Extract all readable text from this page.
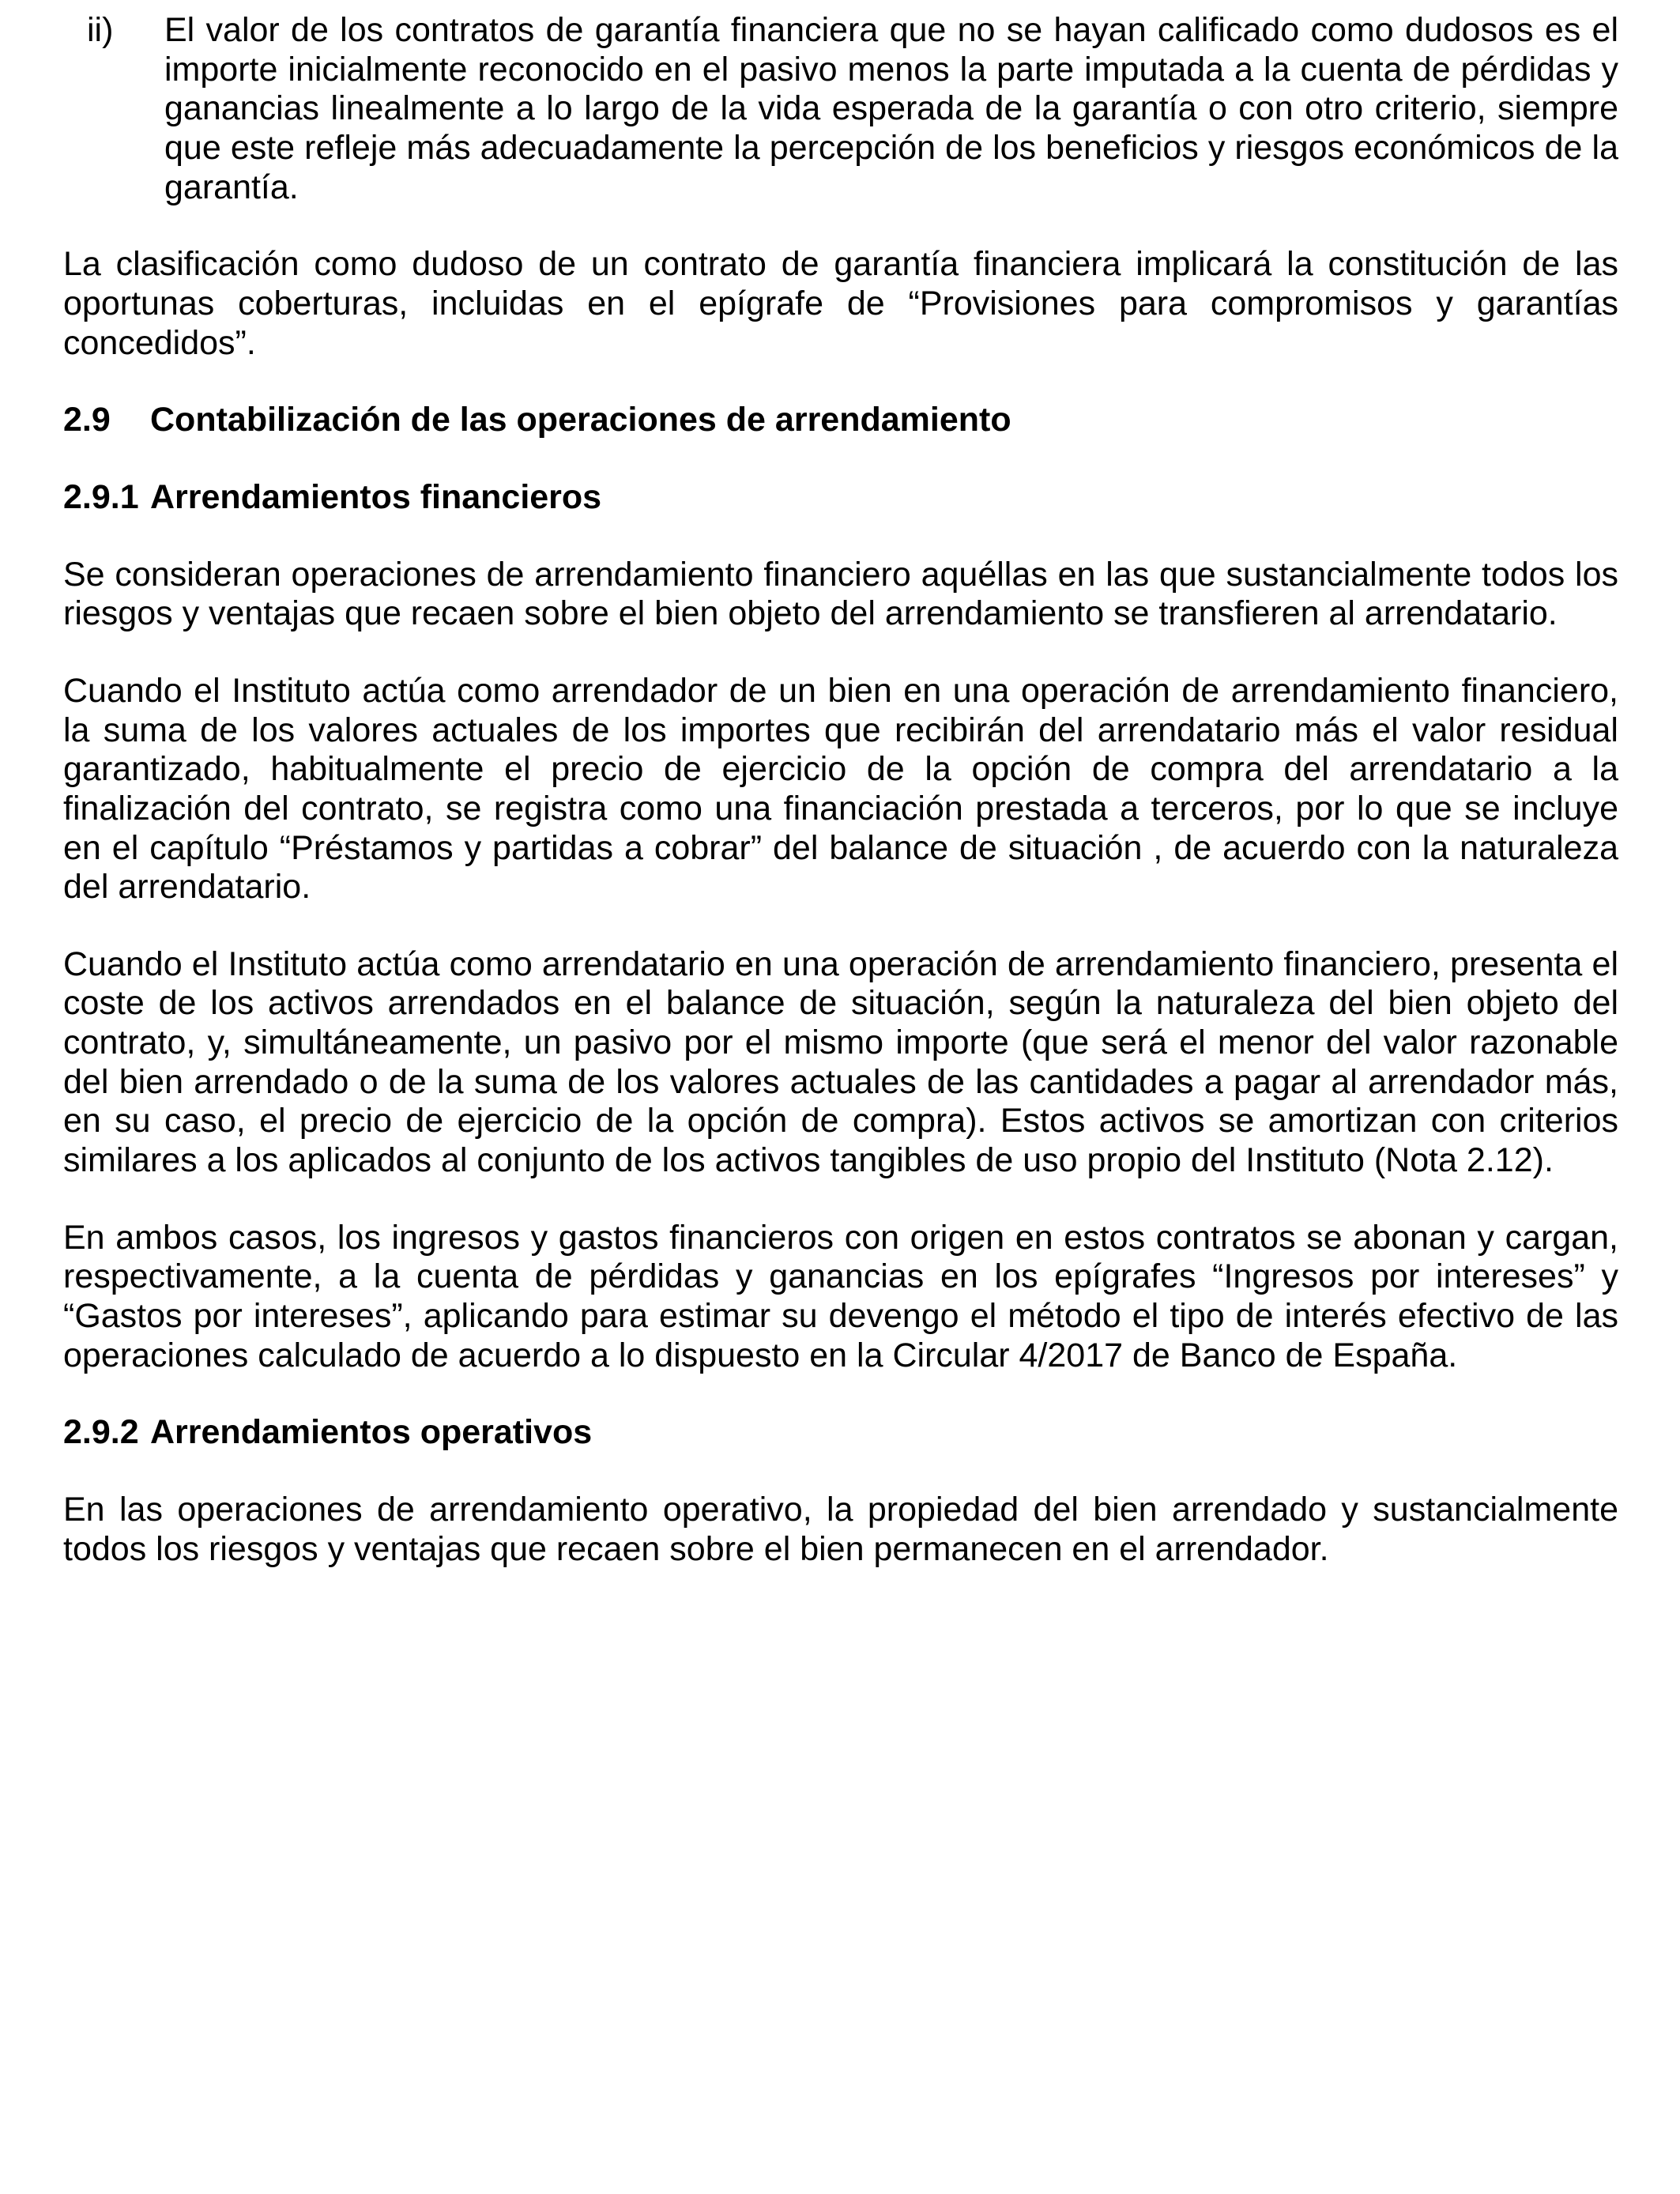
ii) El valor de los contratos de garantía financiera que no se hayan calificado como dudosos es el importe inicialmente reconocido en el pasivo menos la parte imputada a la cuenta de pérdidas y ganancias linealmente a lo largo de la vida esperada de la garantía o con otro criterio, siempre que este refleje más adecuadamente la percepción de los beneficios y riesgos económicos de la garantía.

La clasificación como dudoso de un contrato de garantía financiera implicará la constitución de las oportunas coberturas, incluidas en el epígrafe de “Provisiones para compromisos y garantías concedidos”.

2.9	Contabilización de las operaciones de arrendamiento
2.9.1 Arrendamientos financieros

Se consideran operaciones de arrendamiento financiero aquéllas en las que sustancialmente todos los riesgos y ventajas que recaen sobre el bien objeto del arrendamiento se transfieren al arrendatario.

Cuando el Instituto actúa como arrendador de un bien en una operación de arrendamiento financiero, la suma de los valores actuales de los importes que recibirán del arrendatario más el valor residual garantizado, habitualmente el precio de ejercicio de la opción de compra del arrendatario a la finalización del contrato, se registra como una financiación prestada a terceros, por lo que se incluye en el capítulo “Préstamos y partidas a cobrar” del balance de situación , de acuerdo con la naturaleza del arrendatario.

Cuando el Instituto actúa como arrendatario en una operación de arrendamiento financiero, presenta el coste de los activos arrendados en el balance de situación, según la naturaleza del bien objeto del contrato, y, simultáneamente, un pasivo por el mismo importe (que será el menor del valor razonable del bien arrendado o de la suma de los valores actuales de las cantidades a pagar al arrendador más, en su caso, el precio de ejercicio de la opción de compra). Estos activos se amortizan con criterios similares a los aplicados al conjunto de los activos tangibles de uso propio del Instituto (Nota 2.12).

En ambos casos, los ingresos y gastos financieros con origen en estos contratos se abonan y cargan, respectivamente, a la cuenta de pérdidas y ganancias en los epígrafes “Ingresos por intereses” y “Gastos por intereses”, aplicando para estimar su devengo el método el tipo de interés efectivo de las operaciones calculado de acuerdo a lo dispuesto en la Circular 4/2017 de Banco de España.

2.9.2 Arrendamientos operativos

En las operaciones de arrendamiento operativo, la propiedad del bien arrendado y sustancialmente todos los riesgos y ventajas que recaen sobre el bien permanecen en el arrendador.
